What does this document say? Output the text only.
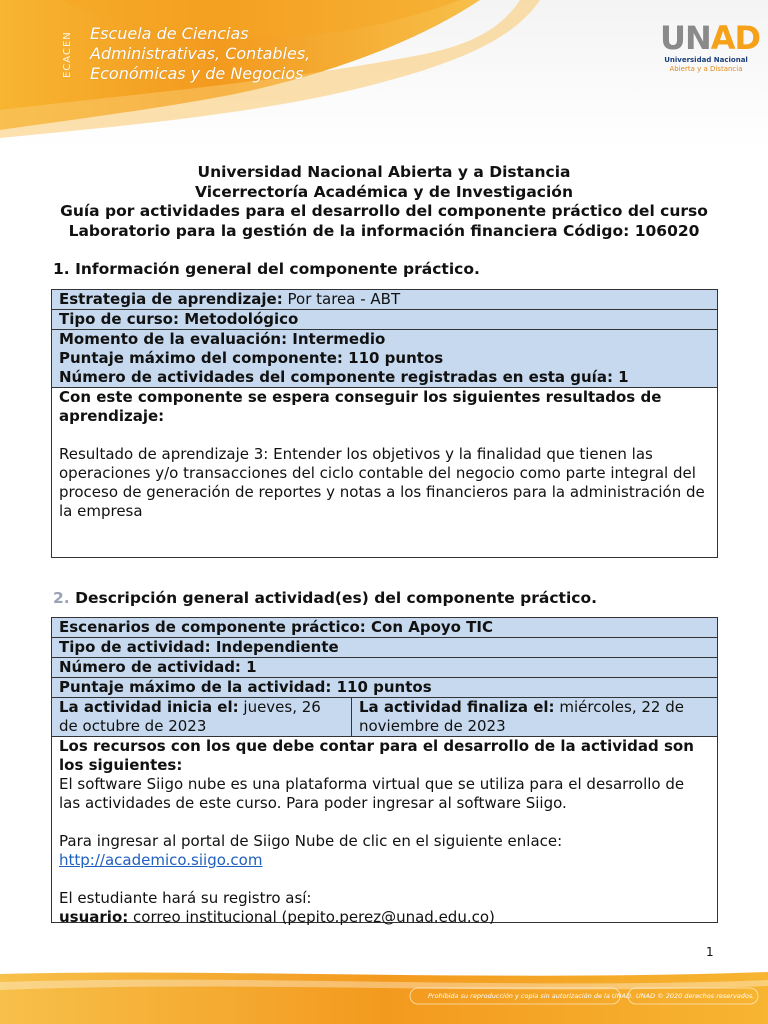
ECACEN	Escuela de Ciencias
Administrativas, Contables,
Económicas y de Negocios
UNAD
Universidad Nacional
Abierta y a Distancia
Universidad Nacional Abierta y a Distancia
Vicerrectoría Académica y de Investigación
Guía por actividades para el desarrollo del componente práctico del curso
Laboratorio para la gestión de la información financiera Código: 106020
1. Información general del componente práctico.
Estrategia de aprendizaje: Por tarea - ABT
Tipo de curso: Metodológico
Momento de la evaluación: Intermedio
Puntaje máximo del componente: 110 puntos
Número de actividades del componente registradas en esta guía: 1
Con este componente se espera conseguir los siguientes resultados de aprendizaje:
Resultado de aprendizaje 3: Entender los objetivos y la finalidad que tienen las operaciones y/o transacciones del ciclo contable del negocio como parte integral del proceso de generación de reportes y notas a los financieros para la administración de la empresa
2. Descripción general actividad(es) del componente práctico.
Escenarios de componente práctico: Con Apoyo TIC
Tipo de actividad: Independiente
Número de actividad: 1
Puntaje máximo de la actividad: 110 puntos
La actividad inicia el: jueves, 26 de octubre de 2023
La actividad finaliza el: miércoles, 22 de noviembre de 2023
Los recursos con los que debe contar para el desarrollo de la actividad son los siguientes:
El software Siigo nube es una plataforma virtual que se utiliza para el desarrollo de las actividades de este curso. Para poder ingresar al software Siigo.
Para ingresar al portal de Siigo Nube de clic en el siguiente enlace:
http://academico.siigo.com
El estudiante hará su registro así:
usuario: correo institucional (pepito.perez@unad.edu.co)
1
Prohibida su reproducción y copia sin autorización de la UNAD. UNAD © 2020 derechos reservados.
